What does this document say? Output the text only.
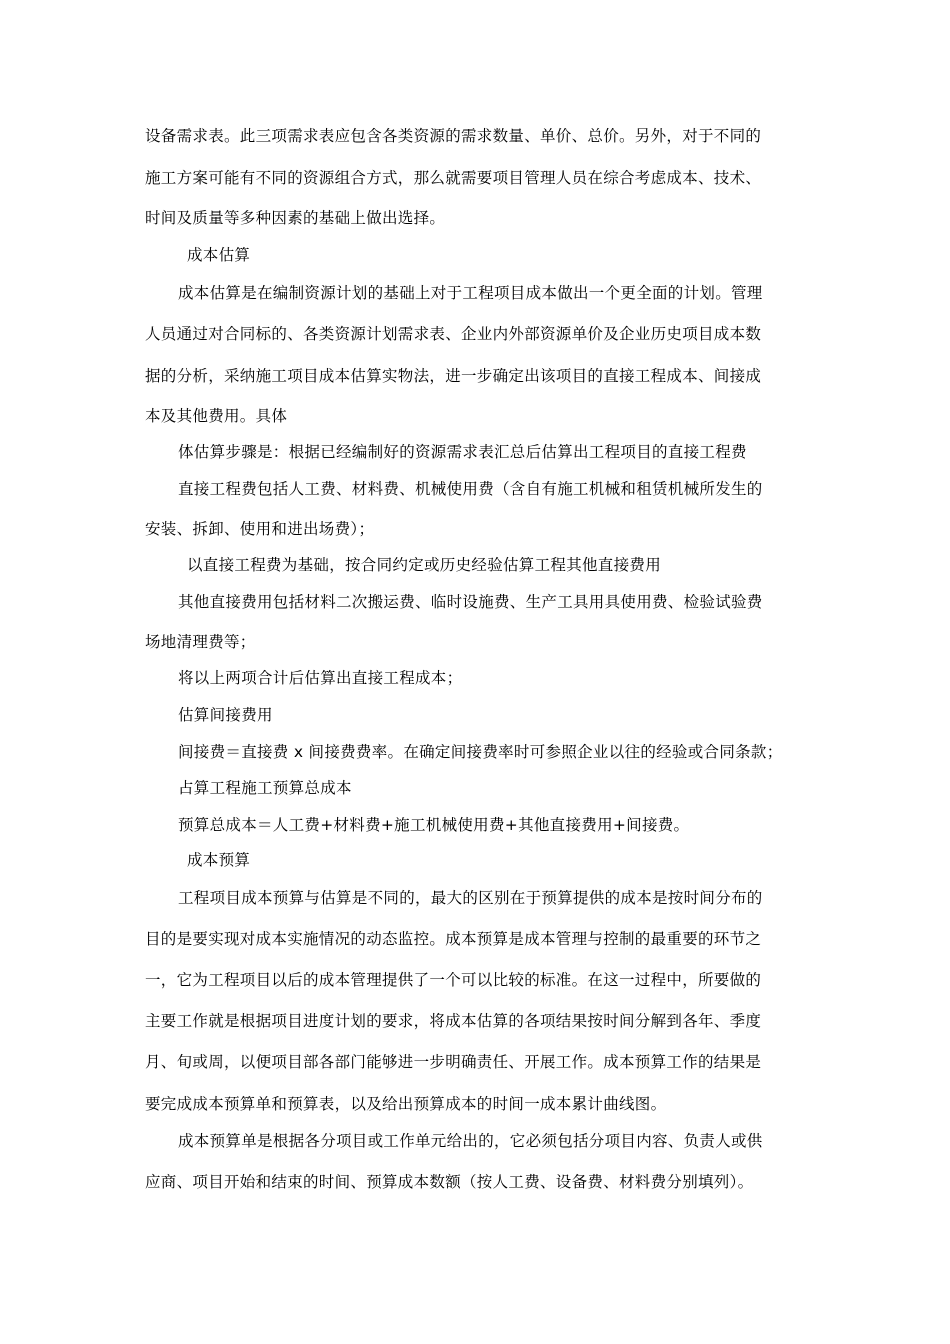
设备需求表。此三项需求表应包含各类资源的需求数量、单价、总价。另外，对于不同的
施工方案可能有不同的资源组合方式，那么就需要项目管理人员在综合考虑成本、技术、
时间及质量等多种因素的基础上做出选择。
成本估算
成本估算是在编制资源计划的基础上对于工程项目成本做出一个更全面的计划。管理
人员通过对合同标的、各类资源计划需求表、企业内外部资源单价及企业历史项目成本数
据的分析，采纳施工项目成本估算实物法，进一步确定出该项目的直接工程成本、间接成
本及其他费用。具体
体估算步骤是：根据已经编制好的资源需求表汇总后估算出工程项目的直接工程费
直接工程费包括人工费、材料费、机械使用费（含自有施工机械和租赁机械所发生的
安装、拆卸、使用和进出场费）；
以直接工程费为基础，按合同约定或历史经验估算工程其他直接费用
其他直接费用包括材料二次搬运费、临时设施费、生产工具用具使用费、检验试验费
场地清理费等；
将以上两项合计后估算出直接工程成本；
估算间接费用
间接费＝直接费 x 间接费费率。在确定间接费率时可参照企业以往的经验或合同条款；
占算工程施工预算总成本
预算总成本＝人工费+材料费+施工机械使用费+其他直接费用+间接费。
成本预算
工程项目成本预算与估算是不同的，最大的区别在于预算提供的成本是按时间分布的
目的是要实现对成本实施情况的动态监控。成本预算是成本管理与控制的最重要的环节之
一，它为工程项目以后的成本管理提供了一个可以比较的标准。在这一过程中，所要做的
主要工作就是根据项目进度计划的要求，将成本估算的各项结果按时间分解到各年、季度
月、旬或周，以便项目部各部门能够进一步明确责任、开展工作。成本预算工作的结果是
要完成成本预算单和预算表，以及给出预算成本的时间一成本累计曲线图。
成本预算单是根据各分项目或工作单元给出的，它必须包括分项目内容、负责人或供
应商、项目开始和结束的时间、预算成本数额（按人工费、设备费、材料费分别填列）。
